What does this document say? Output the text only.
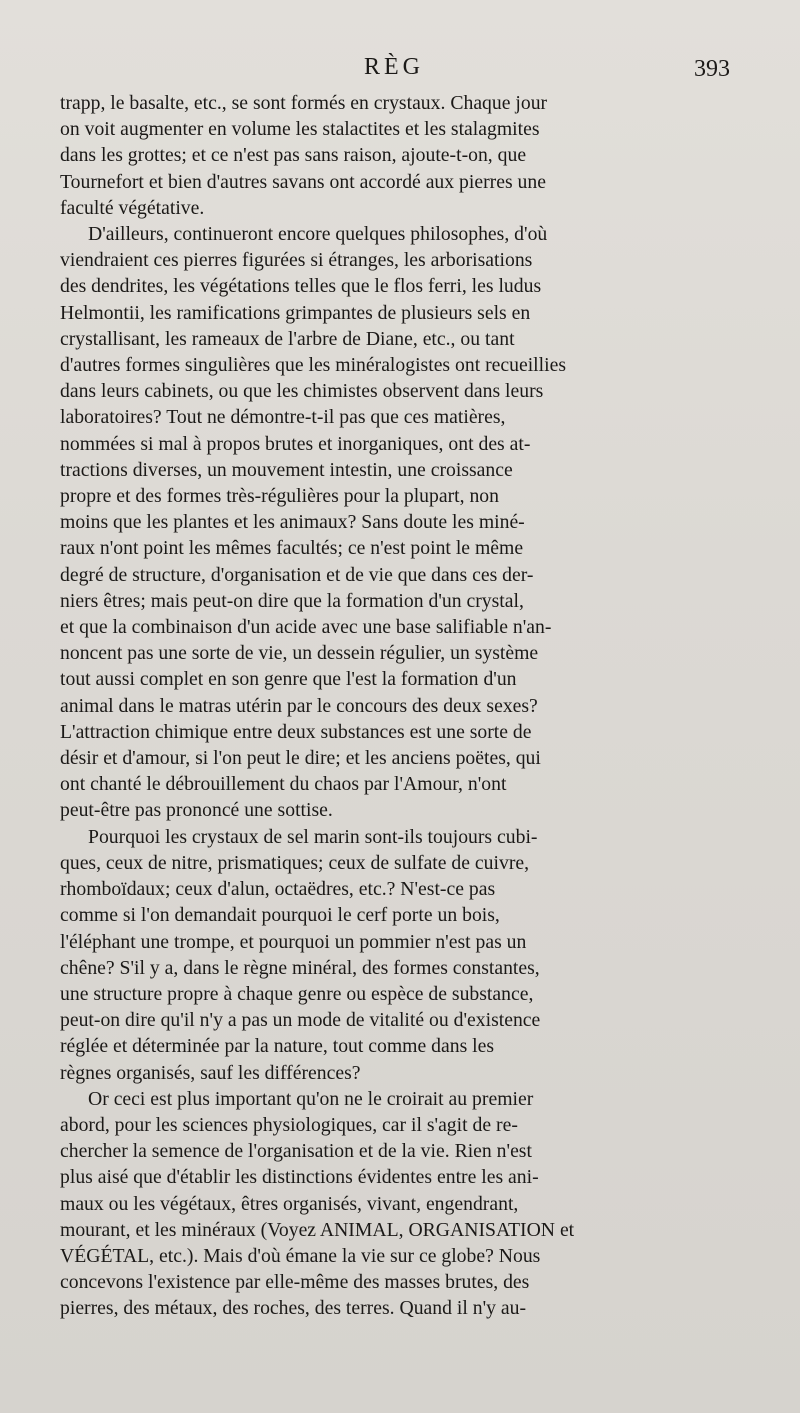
RÈG	393
trapp, le basalte, etc., se sont formés en crystaux. Chaque jour
on voit augmenter en volume les stalactites et les stalagmites
dans les grottes; et ce n'est pas sans raison, ajoute-t-on, que
Tournefort et bien d'autres savans ont accordé aux pierres une
faculté végétative.
D'ailleurs, continueront encore quelques philosophes, d'où
viendraient ces pierres figurées si étranges, les arborisations
des dendrites, les végétations telles que le flos ferri, les ludus
Helmontii, les ramifications grimpantes de plusieurs sels en
crystallisant, les rameaux de l'arbre de Diane, etc., ou tant
d'autres formes singulières que les minéralogistes ont recueillies
dans leurs cabinets, ou que les chimistes observent dans leurs
laboratoires? Tout ne démontre-t-il pas que ces matières,
nommées si mal à propos brutes et inorganiques, ont des at-
tractions diverses, un mouvement intestin, une croissance
propre et des formes très-régulières pour la plupart, non
moins que les plantes et les animaux? Sans doute les miné-
raux n'ont point les mêmes facultés; ce n'est point le même
degré de structure, d'organisation et de vie que dans ces der-
niers êtres; mais peut-on dire que la formation d'un crystal,
et que la combinaison d'un acide avec une base salifiable n'an-
noncent pas une sorte de vie, un dessein régulier, un système
tout aussi complet en son genre que l'est la formation d'un
animal dans le matras utérin par le concours des deux sexes?
L'attraction chimique entre deux substances est une sorte de
désir et d'amour, si l'on peut le dire; et les anciens poëtes, qui
ont chanté le débrouillement du chaos par l'Amour, n'ont
peut-être pas prononcé une sottise.
Pourquoi les crystaux de sel marin sont-ils toujours cubi-
ques, ceux de nitre, prismatiques; ceux de sulfate de cuivre,
rhomboïdaux; ceux d'alun, octaëdres, etc.? N'est-ce pas
comme si l'on demandait pourquoi le cerf porte un bois,
l'éléphant une trompe, et pourquoi un pommier n'est pas un
chêne? S'il y a, dans le règne minéral, des formes constantes,
une structure propre à chaque genre ou espèce de substance,
peut-on dire qu'il n'y a pas un mode de vitalité ou d'existence
réglée et déterminée par la nature, tout comme dans les
règnes organisés, sauf les différences?
Or ceci est plus important qu'on ne le croirait au premier
abord, pour les sciences physiologiques, car il s'agit de re-
chercher la semence de l'organisation et de la vie. Rien n'est
plus aisé que d'établir les distinctions évidentes entre les ani-
maux ou les végétaux, êtres organisés, vivant, engendrant,
mourant, et les minéraux (Voyez ANIMAL, ORGANISATION et
VÉGÉTAL, etc.). Mais d'où émane la vie sur ce globe? Nous
concevons l'existence par elle-même des masses brutes, des
pierres, des métaux, des roches, des terres. Quand il n'y au-
